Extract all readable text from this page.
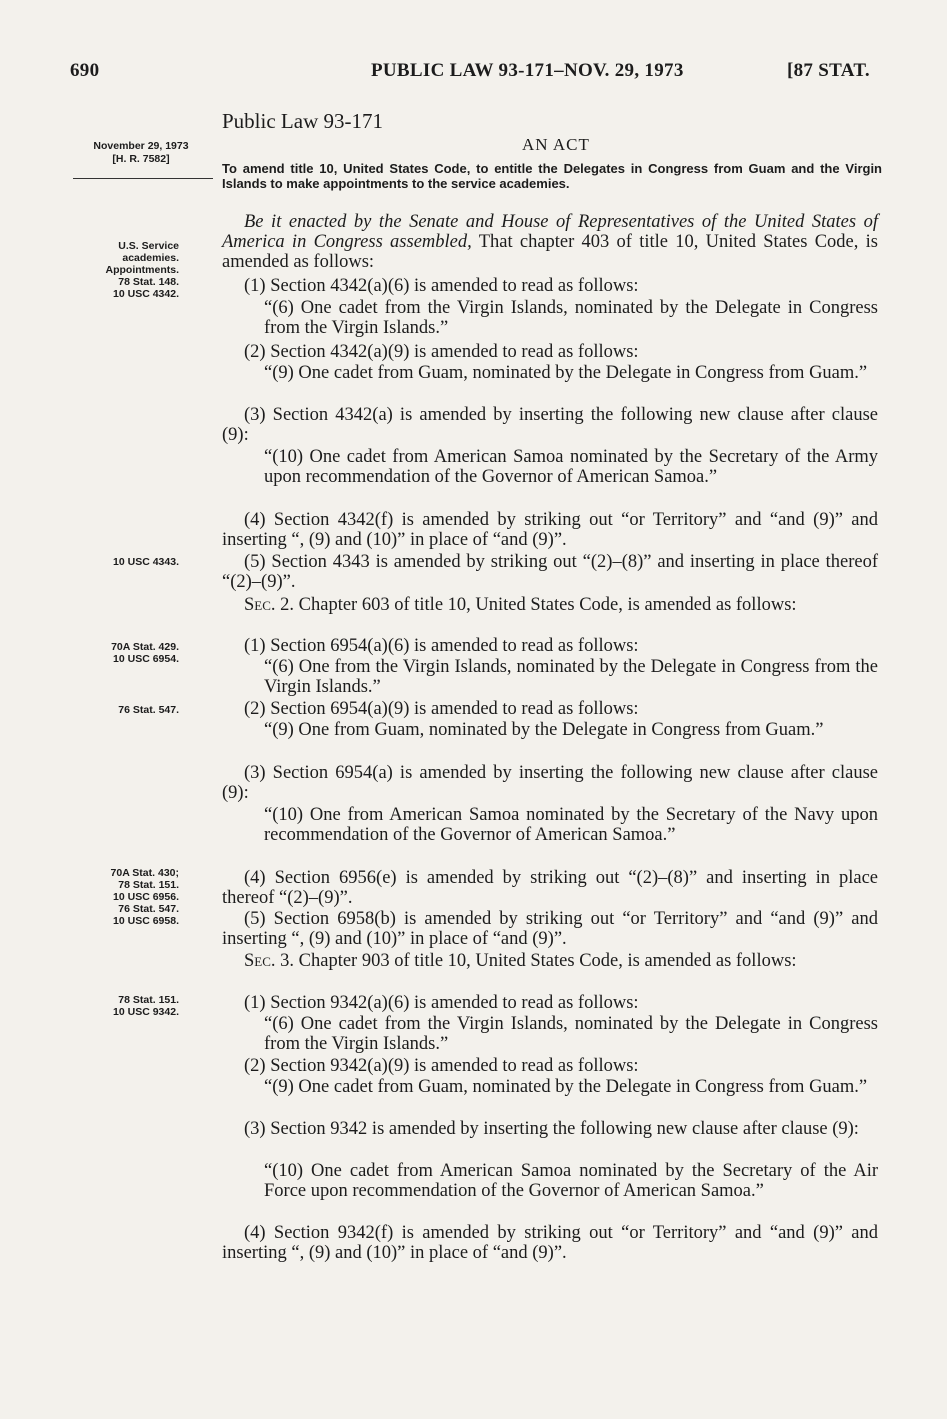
690	PUBLIC LAW 93-171–NOV. 29, 1973	[87 STAT.
Public Law 93-171
AN ACT
November 29, 1973
[H. R. 7582]
To amend title 10, United States Code, to entitle the Delegates in Congress from Guam and the Virgin Islands to make appointments to the service academies.
U.S. Service
academies.
Appointments.
78 Stat. 148.
10 USC 4342.
10 USC 4343.
70A Stat. 429.
10 USC 6954.
76 Stat. 547.
70A Stat. 430;
78 Stat. 151.
10 USC 6956.
76 Stat. 547.
10 USC 6958.
78 Stat. 151.
10 USC 9342.
Be it enacted by the Senate and House of Representatives of the United States of America in Congress assembled, That chapter 403 of title 10, United States Code, is amended as follows:
(1) Section 4342(a)(6) is amended to read as follows:
“(6) One cadet from the Virgin Islands, nominated by the Delegate in Congress from the Virgin Islands.”
(2) Section 4342(a)(9) is amended to read as follows:
“(9) One cadet from Guam, nominated by the Delegate in Congress from Guam.”
(3) Section 4342(a) is amended by inserting the following new clause after clause (9):
“(10) One cadet from American Samoa nominated by the Secretary of the Army upon recommendation of the Governor of American Samoa.”
(4) Section 4342(f) is amended by striking out “or Territory” and “and (9)” and inserting “, (9) and (10)” in place of “and (9)”.
(5) Section 4343 is amended by striking out “(2)–(8)” and inserting in place thereof “(2)–(9)”.
Sec. 2. Chapter 603 of title 10, United States Code, is amended as follows:
(1) Section 6954(a)(6) is amended to read as follows:
“(6) One from the Virgin Islands, nominated by the Delegate in Congress from the Virgin Islands.”
(2) Section 6954(a)(9) is amended to read as follows:
“(9) One from Guam, nominated by the Delegate in Congress from Guam.”
(3) Section 6954(a) is amended by inserting the following new clause after clause (9):
“(10) One from American Samoa nominated by the Secretary of the Navy upon recommendation of the Governor of American Samoa.”
(4) Section 6956(e) is amended by striking out “(2)–(8)” and inserting in place thereof “(2)–(9)”.
(5) Section 6958(b) is amended by striking out “or Territory” and “and (9)” and inserting “, (9) and (10)” in place of “and (9)”.
Sec. 3. Chapter 903 of title 10, United States Code, is amended as follows:
(1) Section 9342(a)(6) is amended to read as follows:
“(6) One cadet from the Virgin Islands, nominated by the Delegate in Congress from the Virgin Islands.”
(2) Section 9342(a)(9) is amended to read as follows:
“(9) One cadet from Guam, nominated by the Delegate in Congress from Guam.”
(3) Section 9342 is amended by inserting the following new clause after clause (9):
“(10) One cadet from American Samoa nominated by the Secretary of the Air Force upon recommendation of the Governor of American Samoa.”
(4) Section 9342(f) is amended by striking out “or Territory” and “and (9)” and inserting “, (9) and (10)” in place of “and (9)”.
